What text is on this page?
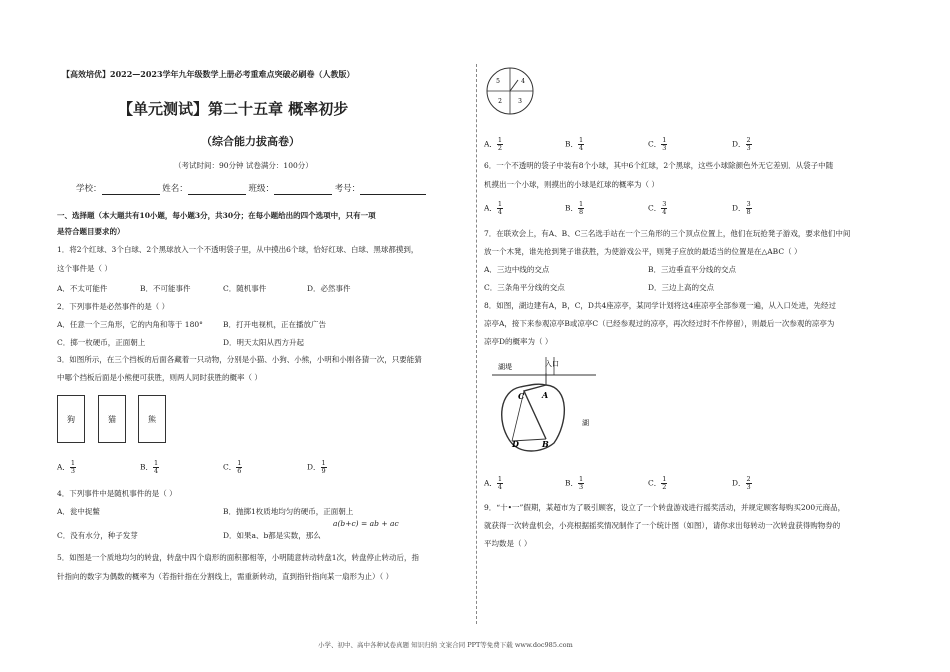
【高效培优】2022—2023学年九年级数学上册必考重难点突破必刷卷（人教版）
【单元测试】第二十五章 概率初步
（综合能力拔高卷）
（考试时间：90分钟 试卷满分：100分）
学校：	姓名：	班级：	考号：
一、选择题（本大题共有10小题，每小题3分，共30分；在每小题给出的四个选项中，只有一项
是符合题目要求的）
1．将2个红球、3个白球、2个黑球放入一个不透明袋子里，从中摸出6个球，恰好红球、白球、黑球都摸到，
这个事件是（ ）
A．不太可能件	B．不可能事件	C．随机事件	D．必然事件
2．下列事件是必然事件的是（ ）
A．任意一个三角形，它的内角和等于 180°	B．打开电视机，正在播放广告
C．掷一枚硬币，正面朝上	D．明天太阳从西方升起
3．如图所示，在三个挡板的后面各藏着一只动物，分别是小猫、小狗、小熊，小明和小刚各猜一次，只要能猜
中哪个挡板后面是小熊便可获胜，则两人同时获胜的概率（ ）
狗	猫	熊
A． $\frac{1}{3}$	B． $\frac{1}{4}$	C． $\frac{1}{6}$	D． $\frac{1}{9}$
4．下列事件中是随机事件的是（ ）
A．瓮中捉鳖	B．抛掷1枚质地均匀的硬币，正面朝上
C．没有水分，种子发芽	D．如果a、b都是实数，那么
a(b+c) = ab + ac
5．如图是一个质地均匀的转盘，转盘中四个扇形的面积都相等，小明随意转动转盘1次，转盘停止转动后，指
针指向的数字为偶数的概率为（若指针指在分割线上，需重新转动，直到指针指向某一扇形为止）（ ）
5	4
2	3
A． $\frac{1}{2}$	B． $\frac{1}{4}$	C． $\frac{1}{3}$	D． $\frac{2}{3}$
6．一个不透明的袋子中装有8个小球，其中6个红球，2个黑球，这些小球除颜色外无它差别．从袋子中随
机摸出一个小球，则摸出的小球是红球的概率为（ ）
A． $\frac{1}{4}$	B． $\frac{1}{8}$	C． $\frac{3}{4}$	D． $\frac{3}{8}$
7．在联欢会上，有A、B、C三名选手站在一个三角形的三个顶点位置上，他们在玩抢凳子游戏，要求他们中间
放一个木凳，谁先抢到凳子谁获胜，为使游戏公平，则凳子应放的最适当的位置是在△ABC（ ）
A．三边中线的交点	B．三边垂直平分线的交点
C．三条角平分线的交点	D．三边上高的交点
8．如图，湖边建有A，B，C，D共4座凉亭，某同学计划将这4座凉亭全部参观一遍，从入口处进，先经过
凉亭A，接下来参观凉亭B或凉亭C（已经参观过的凉亭，再次经过时不作停留），则最后一次参观的凉亭为
凉亭D的概率为（ ）
湖堤	入口
A
C
D	B
湖
A． $\frac{1}{4}$	B． $\frac{1}{3}$	C． $\frac{1}{2}$	D． $\frac{2}{3}$
9．“十•一”假期，某超市为了吸引顾客，设立了一个转盘游戏进行摇奖活动，并规定顾客每购买200元商品，
就获得一次转盘机会，小亮根据摇奖情况制作了一个统计图（如图），请你求出每转动一次转盘获得购物券的
平均数是（ ）
小学、初中、高中各种试卷真题 知识归纳 文案合同 PPT等免费下载 www.doc985.com
